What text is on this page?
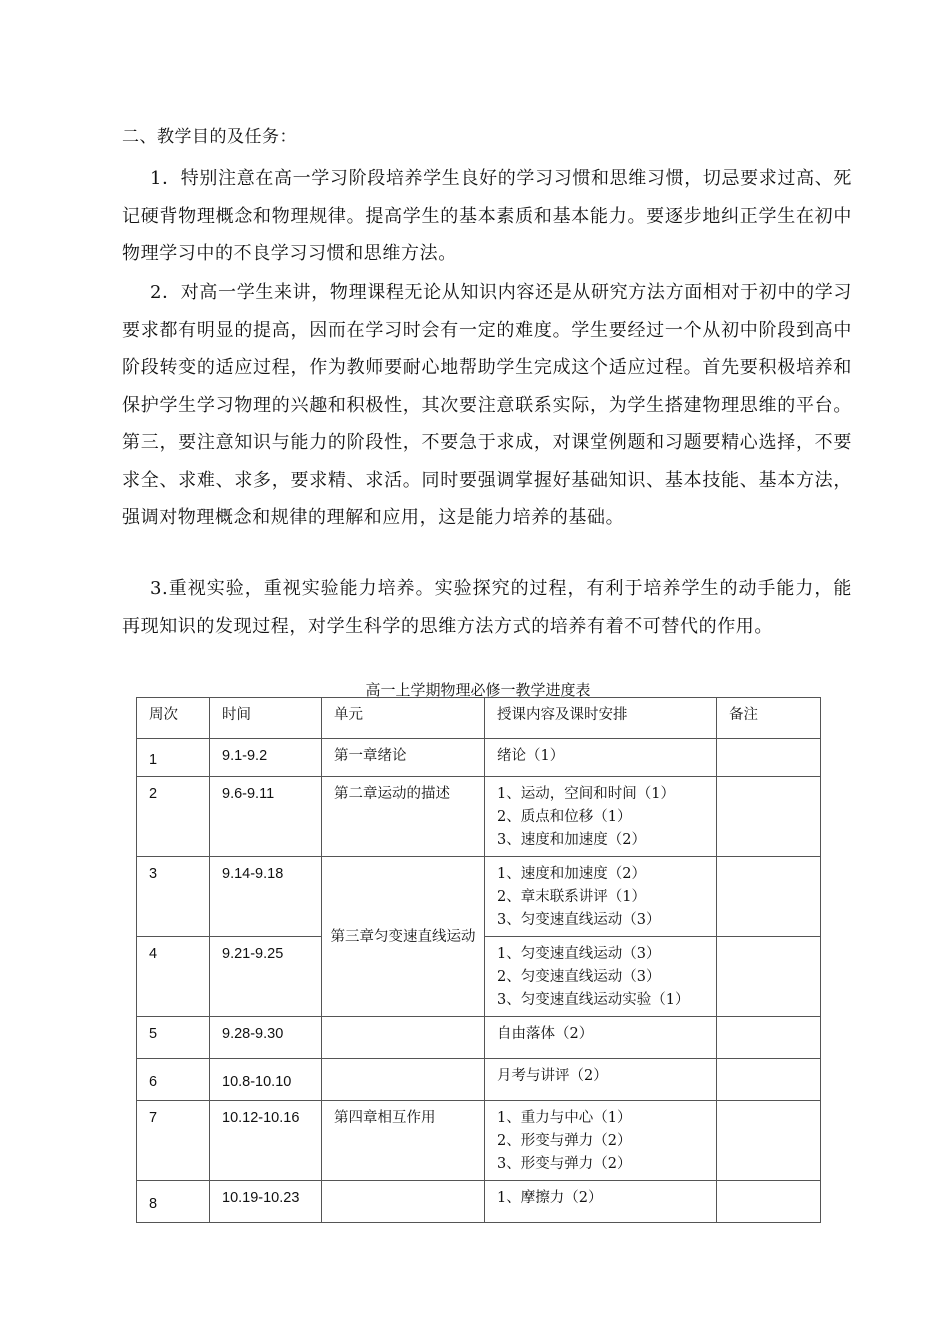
二、教学目的及任务：

1．特别注意在高一学习阶段培养学生良好的学习习惯和思维习惯，切忌要求过高、死记硬背物理概念和物理规律。提高学生的基本素质和基本能力。要逐步地纠正学生在初中物理学习中的不良学习习惯和思维方法。

2．对高一学生来讲，物理课程无论从知识内容还是从研究方法方面相对于初中的学习要求都有明显的提高，因而在学习时会有一定的难度。学生要经过一个从初中阶段到高中阶段转变的适应过程，作为教师要耐心地帮助学生完成这个适应过程。首先要积极培养和保护学生学习物理的兴趣和积极性，其次要注意联系实际，为学生搭建物理思维的平台。第三，要注意知识与能力的阶段性，不要急于求成，对课堂例题和习题要精心选择，不要求全、求难、求多，要求精、求活。同时要强调掌握好基础知识、基本技能、基本方法，强调对物理概念和规律的理解和应用，这是能力培养的基础。

3.重视实验，重视实验能力培养。实验探究的过程，有利于培养学生的动手能力，能再现知识的发现过程，对学生科学的思维方法方式的培养有着不可替代的作用。

高一上学期物理必修一教学进度表
周次	时间	单元	授课内容及课时安排	备注
1	9.1-9.2	第一章绪论	绪论（1）	

2	9.6-9.11	第二章运动的描述	1、运动，空间和时间（1）
2、质点和位移（1）
3、速度和加速度（2）	

3	9.14-9.18	第三章匀变速直线运动	1、速度和加速度（2）
2、章末联系讲评（1）
3、匀变速直线运动（3）	

4	9.21-9.25		1、匀变速直线运动（3）
2、匀变速直线运动（3）
3、匀变速直线运动实验（1）	

5	9.28-9.30		自由落体（2）	

6	10.8-10.10		月考与讲评（2）	

7	10.12-10.16	第四章相互作用	1、重力与中心（1）
2、形变与弹力（2）
3、形变与弹力（2）	

8	10.19-10.23		1、摩擦力（2）	
